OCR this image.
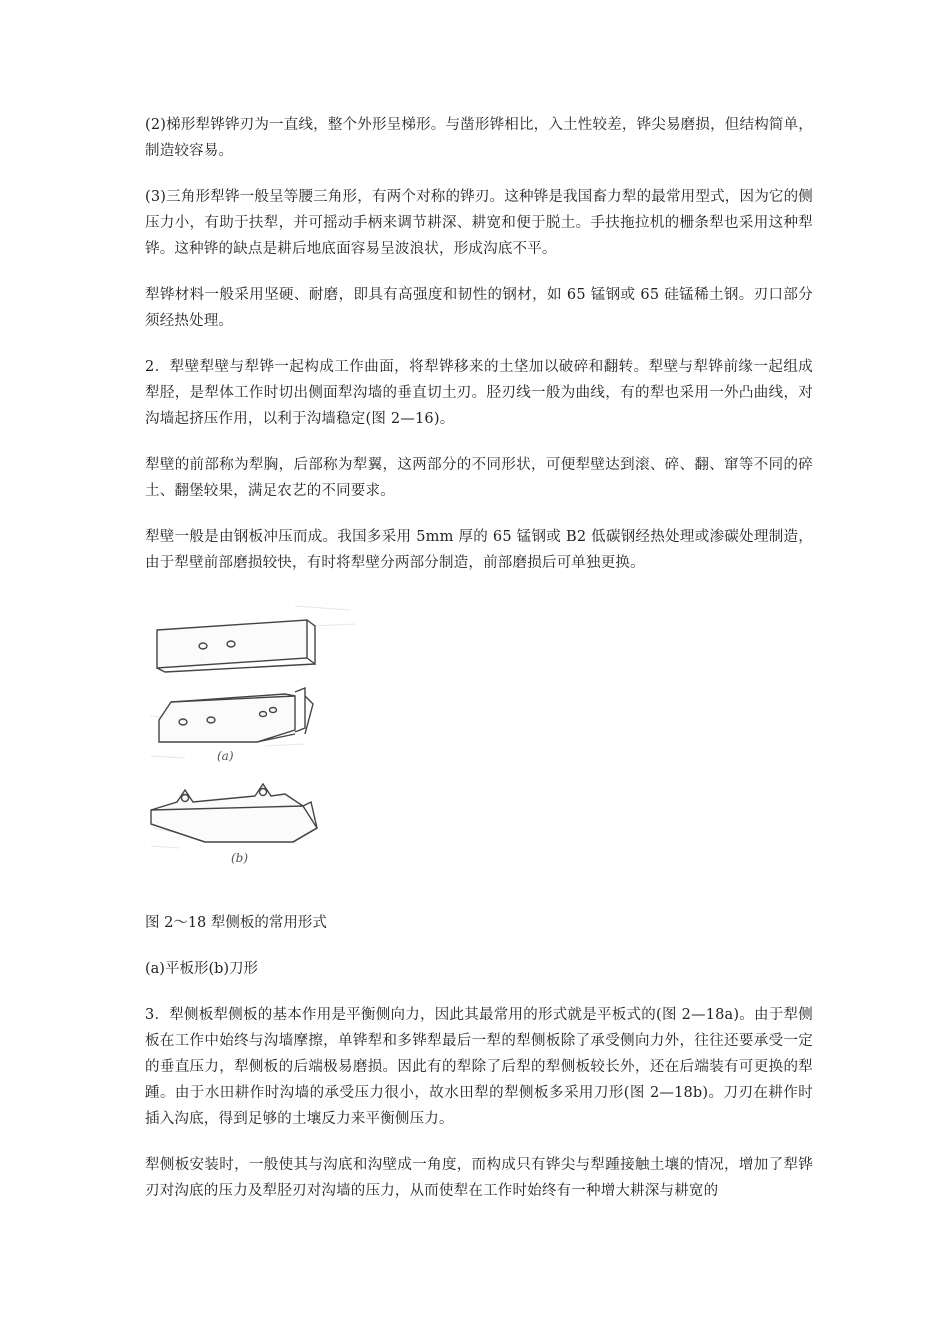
(2)梯形犁铧铧刃为一直线，整个外形呈梯形。与凿形铧相比，入土性较差，铧尖易磨损，但结构简单，制造较容易。

(3)三角形犁铧一般呈等腰三角形，有两个对称的铧刃。这种铧是我国畜力犁的最常用型式，因为它的侧压力小，有助于扶犁，并可摇动手柄来调节耕深、耕宽和便于脱土。手扶拖拉机的栅条犁也采用这种犁铧。这种铧的缺点是耕后地底面容易呈波浪状，形成沟底不平。

犁铧材料一般采用坚硬、耐磨，即具有高强度和韧性的钢材，如 65 锰钢或 65 硅锰稀土钢。刃口部分须经热处理。

2．犁壁犁壁与犁铧一起构成工作曲面，将犁铧移来的土垡加以破碎和翻转。犁壁与犁铧前缘一起组成犁胫，是犁体工作时切出侧面犁沟墙的垂直切土刃。胫刃线一般为曲线，有的犁也采用一外凸曲线，对沟墙起挤压作用，以利于沟墙稳定(图 2—16)。

犁壁的前部称为犁胸，后部称为犁翼，这两部分的不同形状，可便犁壁达到滚、碎、翻、窜等不同的碎土、翻堡较果，满足农艺的不同要求。

犁壁一般是由钢板冲压而成。我国多采用 5mm 厚的 65 锰钢或 B2 低碳钢经热处理或渗碳处理制造，由于犁壁前部磨损较快，有时将犁壁分两部分制造，前部磨损后可单独更换。

(a)
(b)

图 2～18 犁侧板的常用形式

(a)平板形(b)刀形

3．犁侧板犁侧板的基本作用是平衡侧向力，因此其最常用的形式就是平板式的(图 2—18a)。由于犁侧板在工作中始终与沟墙摩擦，单铧犁和多铧犁最后一犁的犁侧板除了承受侧向力外，往往还要承受一定的垂直压力，犁侧板的后端极易磨损。因此有的犁除了后犁的犁侧板较长外，还在后端装有可更换的犁踵。由于水田耕作时沟墙的承受压力很小，故水田犁的犁侧板多采用刀形(图 2—18b)。刀刃在耕作时插入沟底，得到足够的土壤反力来平衡侧压力。

犁侧板安装时，一般使其与沟底和沟壁成一角度，而构成只有铧尖与犁踵接触土壤的情况，增加了犁铧刃对沟底的压力及犁胫刃对沟墙的压力，从而使犁在工作时始终有一种增大耕深与耕宽的
